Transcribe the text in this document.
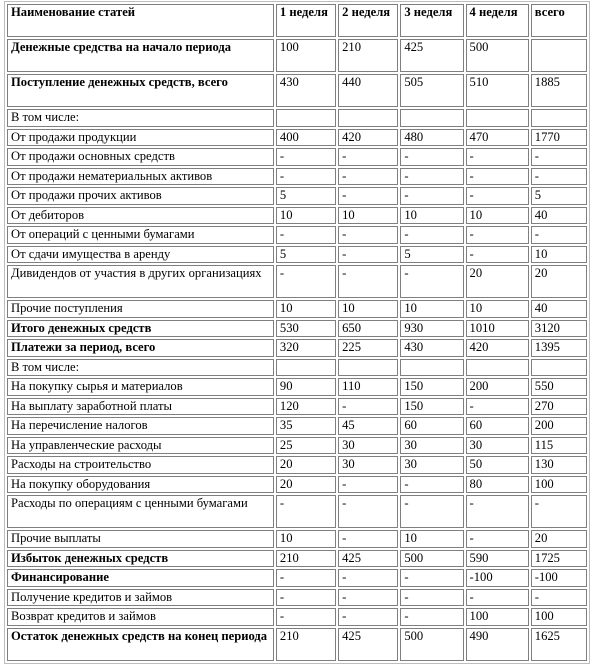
Наименование статей	1 неделя	2 неделя	3 неделя	4 неделя	всего
Денежные средства на начало периода	100	210	425	500	
Поступление денежных средств, всего	430	440	505	510	1885
В том числе:					
От продажи продукции	400	420	480	470	1770
От продажи основных средств	-	-	-	-	-
От продажи нематериальных активов	-	-	-	-	-
От продажи прочих активов	5	-	-	-	5
От дебиторов	10	10	10	10	40
От операций с ценными бумагами	-	-	-	-	-
От сдачи имущества в аренду	5	-	5	-	10
Дивидендов от участия в других организациях	-	-	-	20	20
Прочие поступления	10	10	10	10	40
Итого денежных средств	530	650	930	1010	3120
Платежи за период, всего	320	225	430	420	1395
В том числе:					
На покупку сырья и материалов	90	110	150	200	550
На выплату заработной платы	120	-	150	-	270
На перечисление налогов	35	45	60	60	200
На управленческие расходы	25	30	30	30	115
Расходы на строительство	20	30	30	50	130
На покупку оборудования	20	-	-	80	100
Расходы по операциям с ценными бумагами	-	-	-	-	-
Прочие выплаты	10	-	10	-	20
Избыток денежных средств	210	425	500	590	1725
Финансирование	-	-	-	-100	-100
Получение кредитов и займов	-	-	-	-	-
Возврат кредитов и займов	-	-	-	100	100
Остаток денежных средств на конец периода	210	425	500	490	1625
